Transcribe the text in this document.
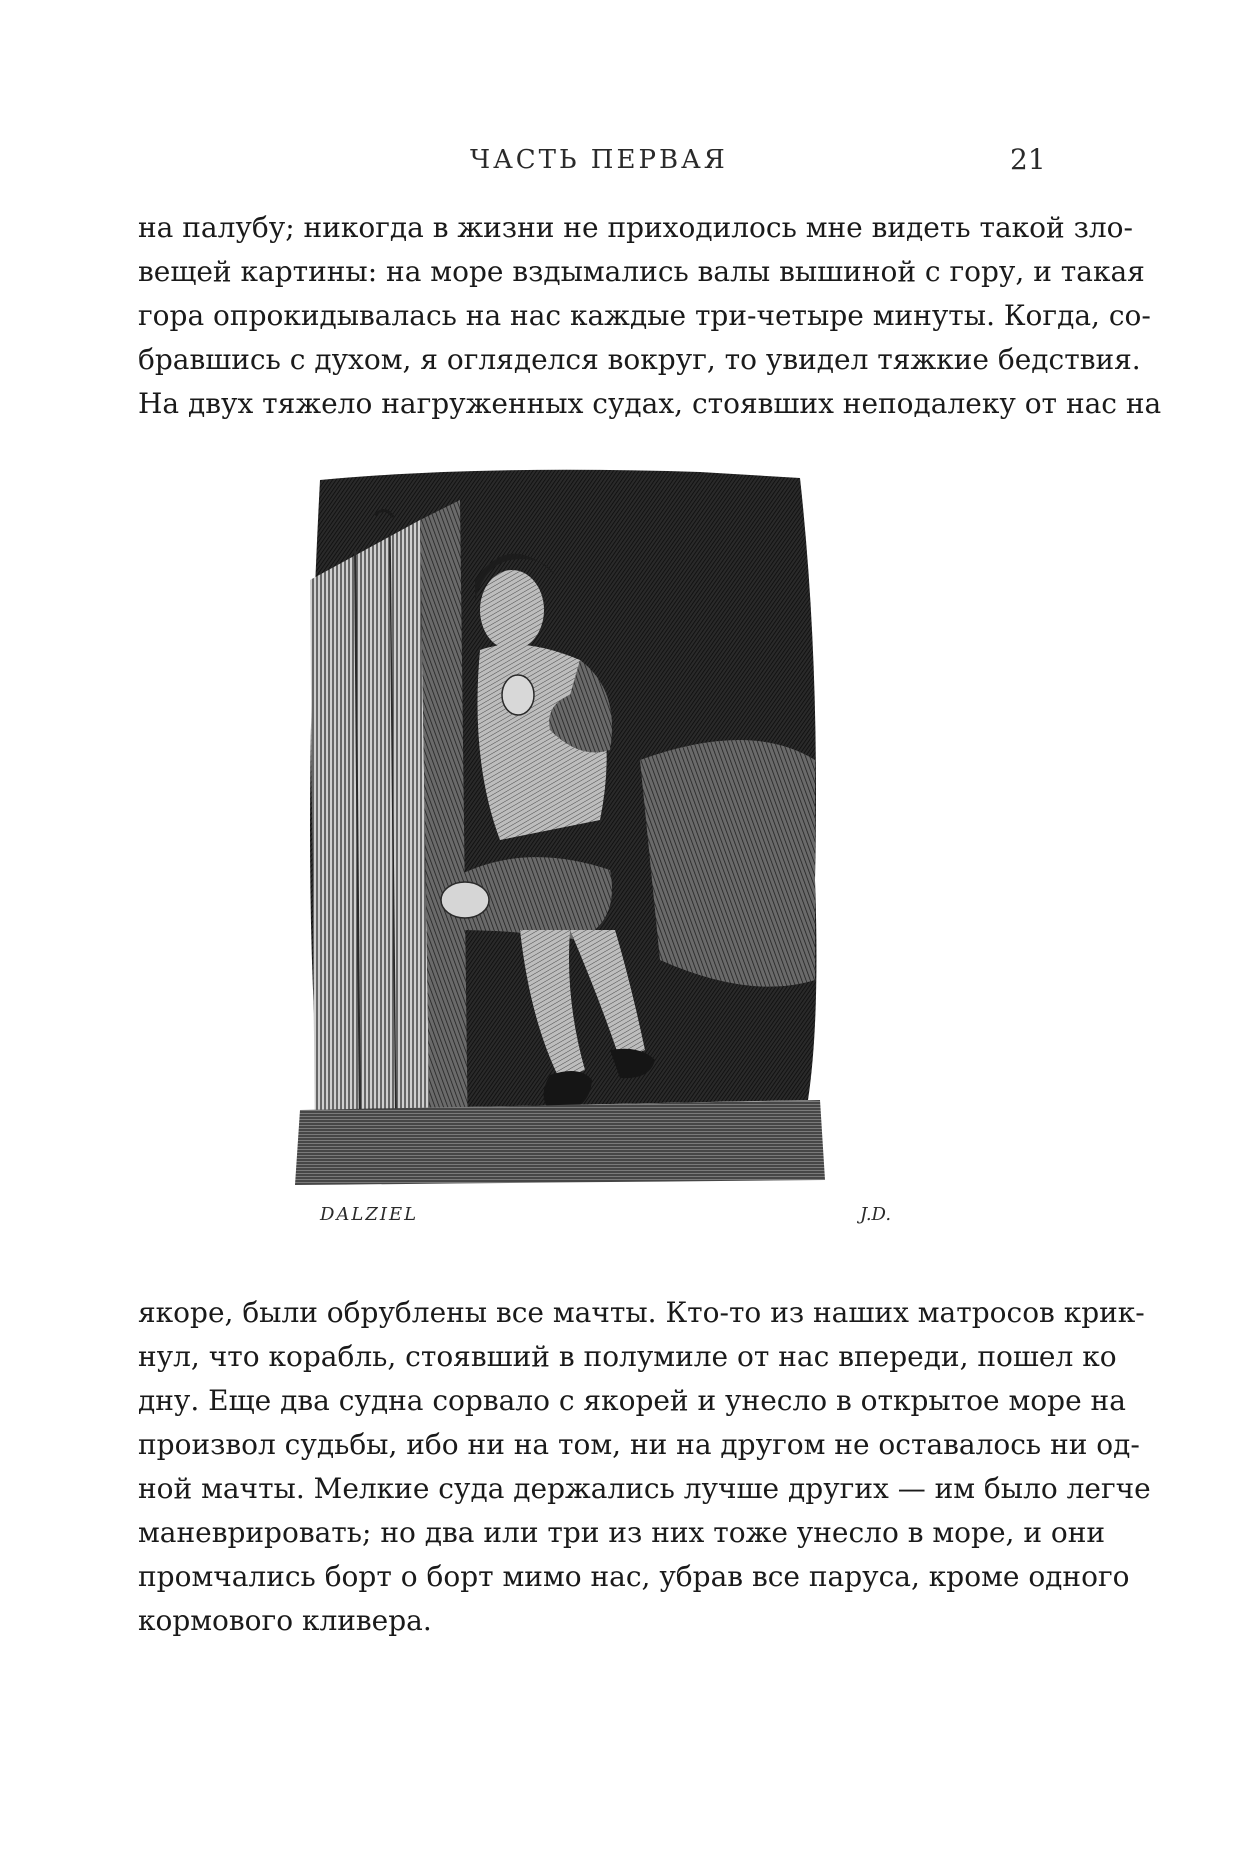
ЧАСТЬ ПЕРВАЯ	21
на палубу; никогда в жизни не приходилось мне видеть такой зло-
вещей картины: на море вздымались валы вышиной с гору, и такая
гора опрокидывалась на нас каждые три-четыре минуты. Когда, со-
бравшись с духом, я огляделся вокруг, то увидел тяжкие бедствия.
На двух тяжело нагруженных судах, стоявших неподалеку от нас на
DALZIEL	J.D.
якоре, были обрублены все мачты. Кто-то из наших матросов крик-
нул, что корабль, стоявший в полумиле от нас впереди, пошел ко
дну. Еще два судна сорвало с якорей и унесло в открытое море на
произвол судьбы, ибо ни на том, ни на другом не оставалось ни од-
ной мачты. Мелкие суда держались лучше других — им было легче
маневрировать; но два или три из них тоже унесло в море, и они
промчались борт о борт мимо нас, убрав все паруса, кроме одного
кормового кливера.
